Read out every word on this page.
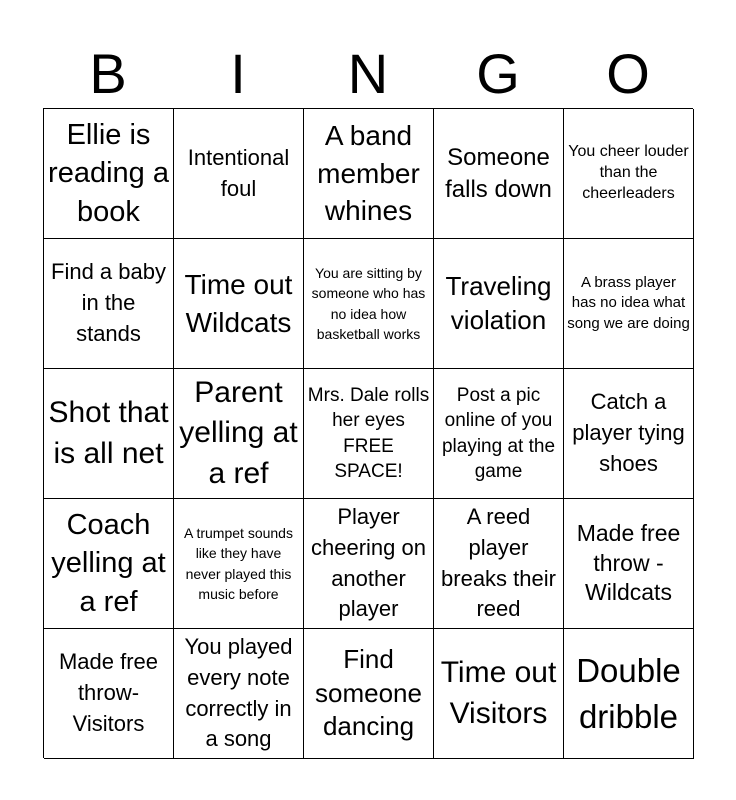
B	I	N	G	O
Ellie is reading a book
Intentional foul
A band member whines
Someone falls down
You cheer louder than the cheerleaders
Find a baby in the stands
Time out Wildcats
You are sitting by someone who has no idea how basketball works
Traveling violation
A brass player has no idea what song we are doing
Shot that is all net
Parent yelling at a ref
Mrs. Dale rolls her eyes FREE SPACE!
Post a pic online of you playing at the game
Catch a player tying shoes
Coach yelling at a ref
A trumpet sounds like they have never played this music before
Player cheering on another player
A reed player breaks their reed
Made free throw - Wildcats
Made free throw- Visitors
You played every note correctly in a song
Find someone dancing
Time out Visitors
Double dribble
